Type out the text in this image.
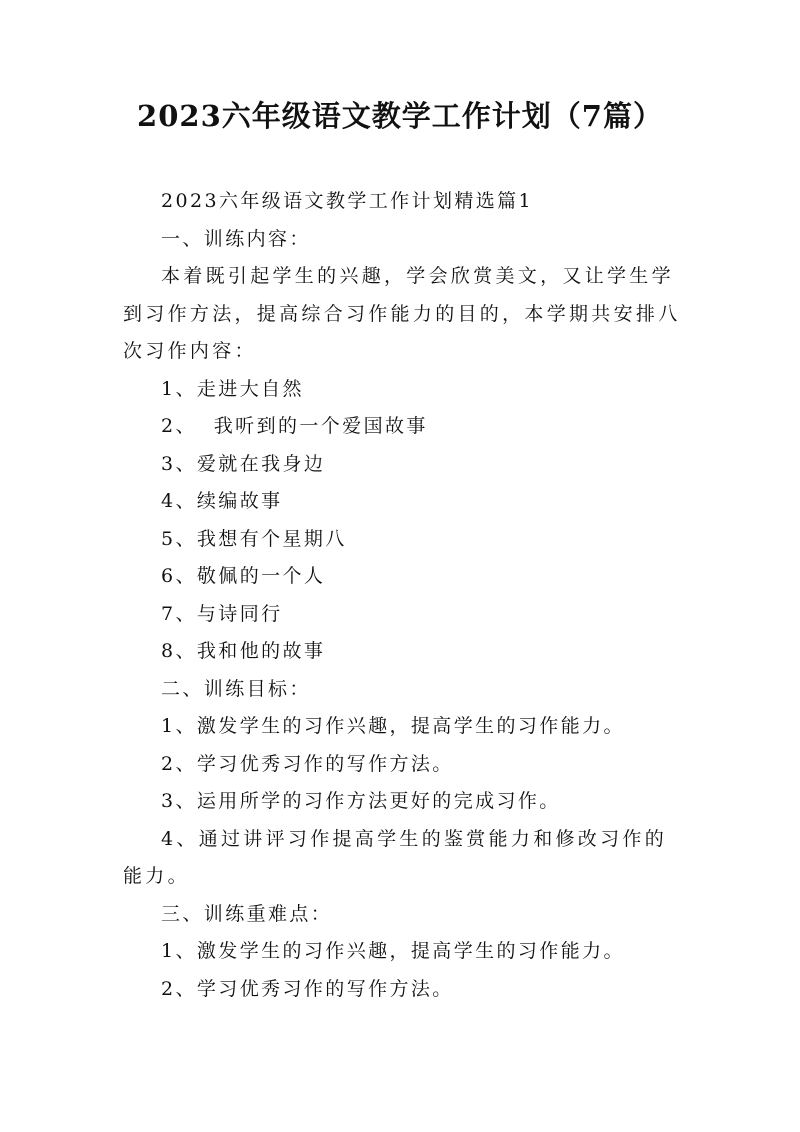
2023六年级语文教学工作计划（7篇）

2023六年级语文教学工作计划精选篇1

一、训练内容：

本着既引起学生的兴趣，学会欣赏美文，又让学生学到习作方法，提高综合习作能力的目的，本学期共安排八次习作内容：

1、走进大自然

2、  我听到的一个爱国故事

3、爱就在我身边

4、续编故事

5、我想有个星期八

6、敬佩的一个人

7、与诗同行

8、我和他的故事

二、训练目标：

1、激发学生的习作兴趣，提高学生的习作能力。

2、学习优秀习作的写作方法。

3、运用所学的习作方法更好的完成习作。

4、通过讲评习作提高学生的鉴赏能力和修改习作的能力。

三、训练重难点：

1、激发学生的习作兴趣，提高学生的习作能力。

2、学习优秀习作的写作方法。
